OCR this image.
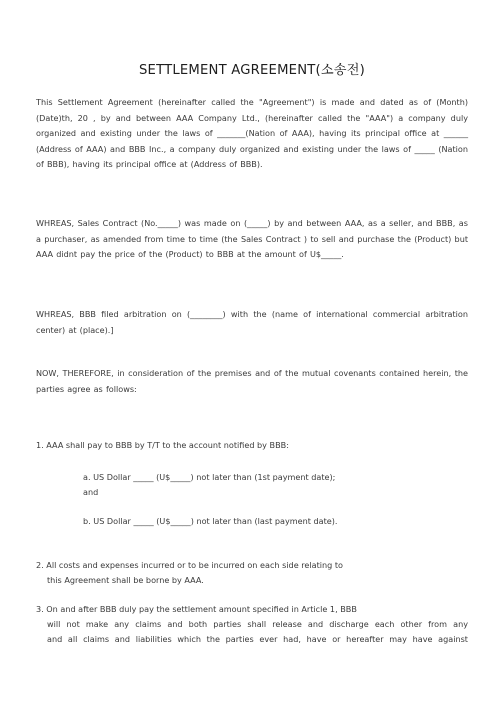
SETTLEMENT AGREEMENT(소송전)
This Settlement Agreement (hereinafter called the "Agreement") is made and dated as of (Month) (Date)th, 20 , by and between AAA Company Ltd., (hereinafter called the "AAA") a company duly organized and existing under the laws of _______(Nation of AAA), having its principal office at ______ (Address of AAA) and BBB Inc., a company duly organized and existing under the laws of _____ (Nation of BBB), having its principal office at (Address of BBB).
WHREAS, Sales Contract (No._____) was made on (_____) by and between AAA, as a seller, and BBB, as a purchaser, as amended from time to time (the Sales Contract ) to sell and purchase the (Product) but AAA didnt pay the price of the (Product) to BBB at the amount of U$_____.
WHREAS, BBB filed arbitration on (________) with the (name of international commercial arbitration center) at (place).]
NOW, THEREFORE, in consideration of the premises and of the mutual covenants contained herein, the parties agree as follows:
1. AAA shall pay to BBB by T/T to the account notified by BBB:
a. US Dollar _____ (U$_____) not later than (1st payment date);
and
b. US Dollar _____ (U$_____) not later than (last payment date).
2. All costs and expenses incurred or to be incurred on each side relating to
this Agreement shall be borne by AAA.
3. On and after BBB duly pay the settlement amount specified in Article 1, BBB
will not make any claims and both parties shall release and discharge each other from any
and all claims and liabilities which the parties ever had, have or hereafter may have against
